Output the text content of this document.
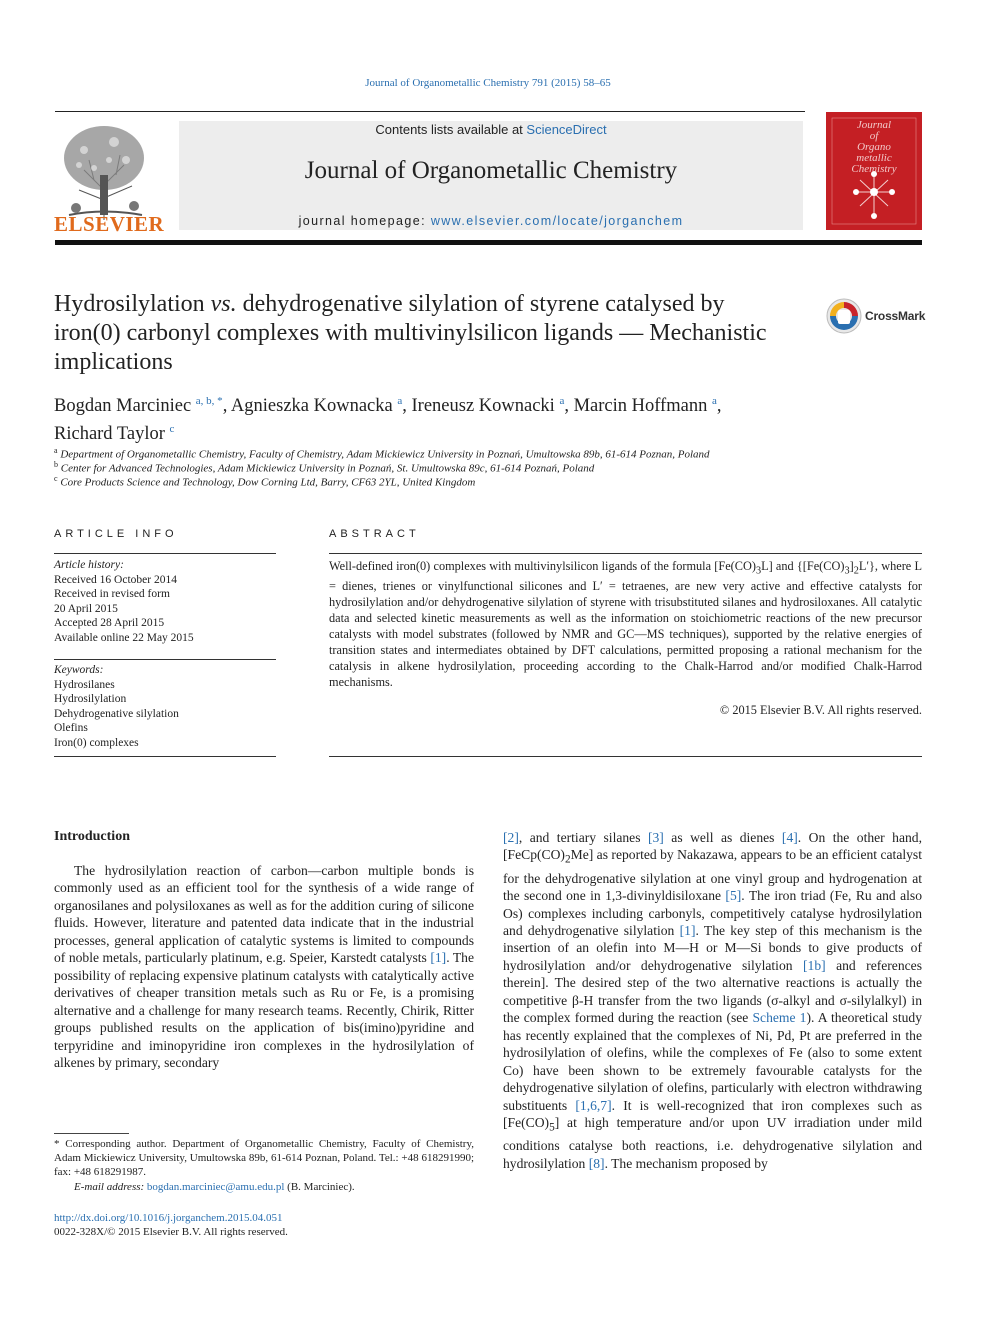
Journal of Organometallic Chemistry 791 (2015) 58–65
ELSEVIER
Contents lists available at ScienceDirect
Journal of Organometallic Chemistry
journal homepage: www.elsevier.com/locate/jorganchem
Journal
of
Organo
metallic
Chemistry
Hydrosilylation vs. dehydrogenative silylation of styrene catalysed by iron(0) carbonyl complexes with multivinylsilicon ligands — Mechanistic implications
CrossMark
Bogdan Marciniec $^{a, b, *}$, Agnieszka Kownacka $^a$, Ireneusz Kownacki $^a$, Marcin Hoffmann $^a$,
Richard Taylor $^c$
$^a$ Department of Organometallic Chemistry, Faculty of Chemistry, Adam Mickiewicz University in Poznań, Umultowska 89b, 61-614 Poznan, Poland
$^b$ Center for Advanced Technologies, Adam Mickiewicz University in Poznań, St. Umultowska 89c, 61-614 Poznań, Poland
$^c$ Core Products Science and Technology, Dow Corning Ltd, Barry, CF63 2YL, United Kingdom
ARTICLE INFO	ABSTRACT
Article history:
Received 16 October 2014
Received in revised form
20 April 2015
Accepted 28 April 2015
Available online 22 May 2015
Keywords:
Hydrosilanes
Hydrosilylation
Dehydrogenative silylation
Olefins
Iron(0) complexes
Well-defined iron(0) complexes with multivinylsilicon ligands of the formula $[Fe(CO)_3L]$ and $\{[Fe(CO)_3]_2L'\}$, where L = dienes, trienes or vinylfunctional silicones and L′ = tetraenes, are new very active and effective catalysts for hydrosilylation and/or dehydrogenative silylation of styrene with trisubstituted silanes and hydrosiloxanes. All catalytic data and selected kinetic measurements as well as the information on stoichiometric reactions of the new precursor catalysts with model substrates (followed by NMR and GC—MS techniques), supported by the relative energies of transition states and intermediates obtained by DFT calculations, permitted proposing a rational mechanism for the catalysis in alkene hydrosilylation, proceeding according to the Chalk-Harrod and/or modified Chalk-Harrod mechanisms.
© 2015 Elsevier B.V. All rights reserved.
Introduction

The hydrosilylation reaction of carbon—carbon multiple bonds is commonly used as an efficient tool for the synthesis of a wide range of organosilanes and polysiloxanes as well as for the addition curing of silicone fluids. However, literature and patented data indicate that in the industrial processes, general application of catalytic systems is limited to compounds of noble metals, particularly platinum, e.g. Speier, Karstedt catalysts [1]. The possibility of replacing expensive platinum catalysts with catalytically active derivatives of cheaper transition metals such as Ru or Fe, is a promising alternative and a challenge for many research teams. Recently, Chirik, Ritter groups published results on the application of bis(imino)pyridine and terpyridine and iminopyridine iron complexes in the hydrosilylation of alkenes by primary, secondary

[2], and tertiary silanes [3] as well as dienes [4]. On the other hand, $[FeCp(CO)_2Me]$ as reported by Nakazawa, appears to be an efficient catalyst for the dehydrogenative silylation at one vinyl group and hydrogenation at the second one in 1,3-divinyldisiloxane [5]. The iron triad (Fe, Ru and also Os) complexes including carbonyls, competitively catalyse hydrosilylation and dehydrogenative silylation [1]. The key step of this mechanism is the insertion of an olefin into M—H or M—Si bonds to give products of hydrosilylation and/or dehydrogenative silylation [1b] and references therein]. The desired step of the two alternative reactions is actually the competitive β-H transfer from the two ligands (σ-alkyl and σ-silylalkyl) in the complex formed during the reaction (see Scheme 1). A theoretical study has recently explained that the complexes of Ni, Pd, Pt are preferred in the hydrosilylation of olefins, while the complexes of Fe (also to some extent Co) have been shown to be extremely favourable catalysts for the dehydrogenative silylation of olefins, particularly with electron withdrawing substituents [1,6,7]. It is well-recognized that iron complexes such as $[Fe(CO)_5]$ at high temperature and/or upon UV irradiation under mild conditions catalyse both reactions, i.e. dehydrogenative silylation and hydrosilylation [8]. The mechanism proposed by

* Corresponding author. Department of Organometallic Chemistry, Faculty of Chemistry, Adam Mickiewicz University, Umultowska 89b, 61-614 Poznan, Poland. Tel.: +48 618291990; fax: +48 618291987.
E-mail address: bogdan.marciniec@amu.edu.pl (B. Marciniec).
http://dx.doi.org/10.1016/j.jorganchem.2015.04.051
0022-328X/© 2015 Elsevier B.V. All rights reserved.
